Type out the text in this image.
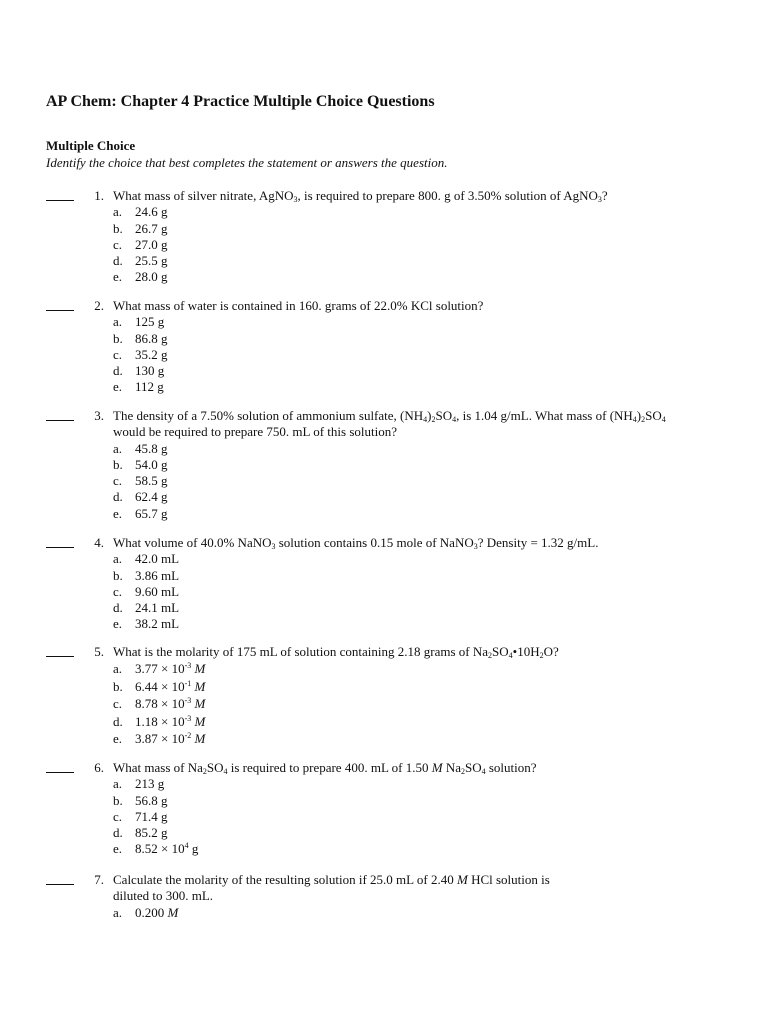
AP Chem: Chapter 4 Practice Multiple Choice Questions
Multiple Choice
Identify the choice that best completes the statement or answers the question.
1. What mass of silver nitrate, AgNO$_3$, is required to prepare 800. g of 3.50% solution of AgNO$_3$?
a. 24.6 g
b. 26.7 g
c. 27.0 g
d. 25.5 g
e. 28.0 g
2. What mass of water is contained in 160. grams of 22.0% KCl solution?
a. 125 g
b. 86.8 g
c. 35.2 g
d. 130 g
e. 112 g
3. The density of a 7.50% solution of ammonium sulfate, $(NH_4)_2SO_4$, is 1.04 g/mL. What mass of $(NH_4)_2SO_4$
would be required to prepare 750. mL of this solution?
a. 45.8 g
b. 54.0 g
c. 58.5 g
d. 62.4 g
e. 65.7 g
4. What volume of 40.0% NaNO$_3$ solution contains 0.15 mole of NaNO$_3$? Density = 1.32 g/mL.
a. 42.0 mL
b. 3.86 mL
c. 9.60 mL
d. 24.1 mL
e. 38.2 mL
5. What is the molarity of 175 mL of solution containing 2.18 grams of $Na_2SO_4•10H_2O$?
a. $3.77 \times 10^{-3}$ M
b. $6.44 \times 10^{-1}$ M
c. $8.78 \times 10^{-3}$ M
d. $1.18 \times 10^{-3}$ M
e. $3.87 \times 10^{-2}$ M
6. What mass of $Na_2SO_4$ is required to prepare 400. mL of 1.50 M $Na_2SO_4$ solution?
a. 213 g
b. 56.8 g
c. 71.4 g
d. 85.2 g
e. $8.52 \times 10^4$ g
7. Calculate the molarity of the resulting solution if 25.0 mL of 2.40 M HCl solution is
diluted to 300. mL.
a. 0.200 M
